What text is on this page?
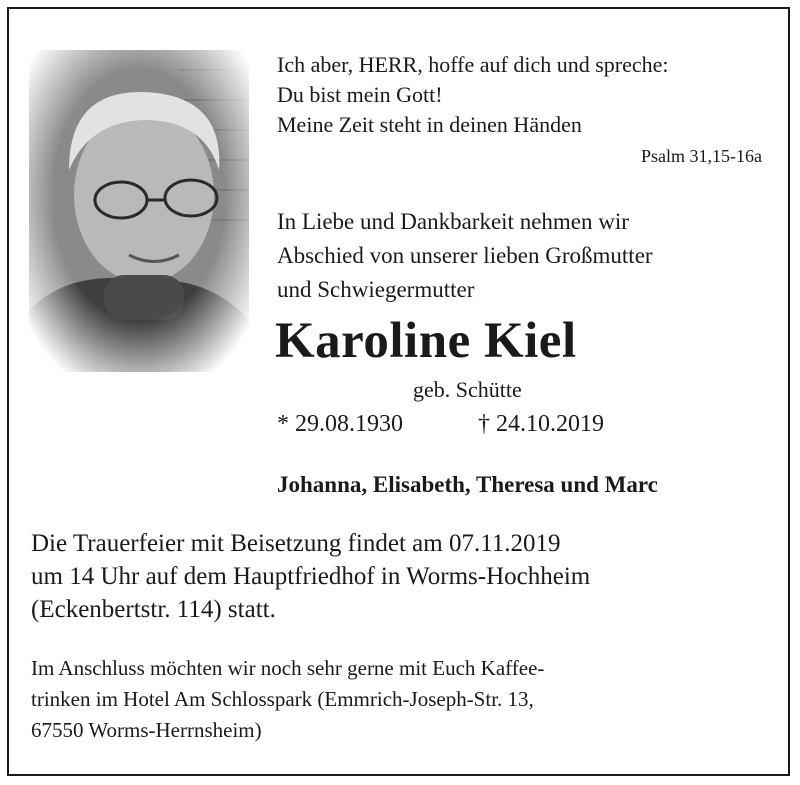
Ich aber, HERR, hoffe auf dich und spreche:
Du bist mein Gott!
Meine Zeit steht in deinen Händen
Psalm 31,15-16a
In Liebe und Dankbarkeit nehmen wir
Abschied von unserer lieben Großmutter
und Schwiegermutter
Karoline Kiel
geb. Schütte
* 29.08.1930	† 24.10.2019
Johanna, Elisabeth, Theresa und Marc
Die Trauerfeier mit Beisetzung findet am 07.11.2019
um 14 Uhr auf dem Hauptfriedhof in Worms-Hochheim
(Eckenbertstr. 114) statt.
Im Anschluss möchten wir noch sehr gerne mit Euch Kaffee-
trinken im Hotel Am Schlosspark (Emmrich-Joseph-Str. 13,
67550 Worms-Herrnsheim)
